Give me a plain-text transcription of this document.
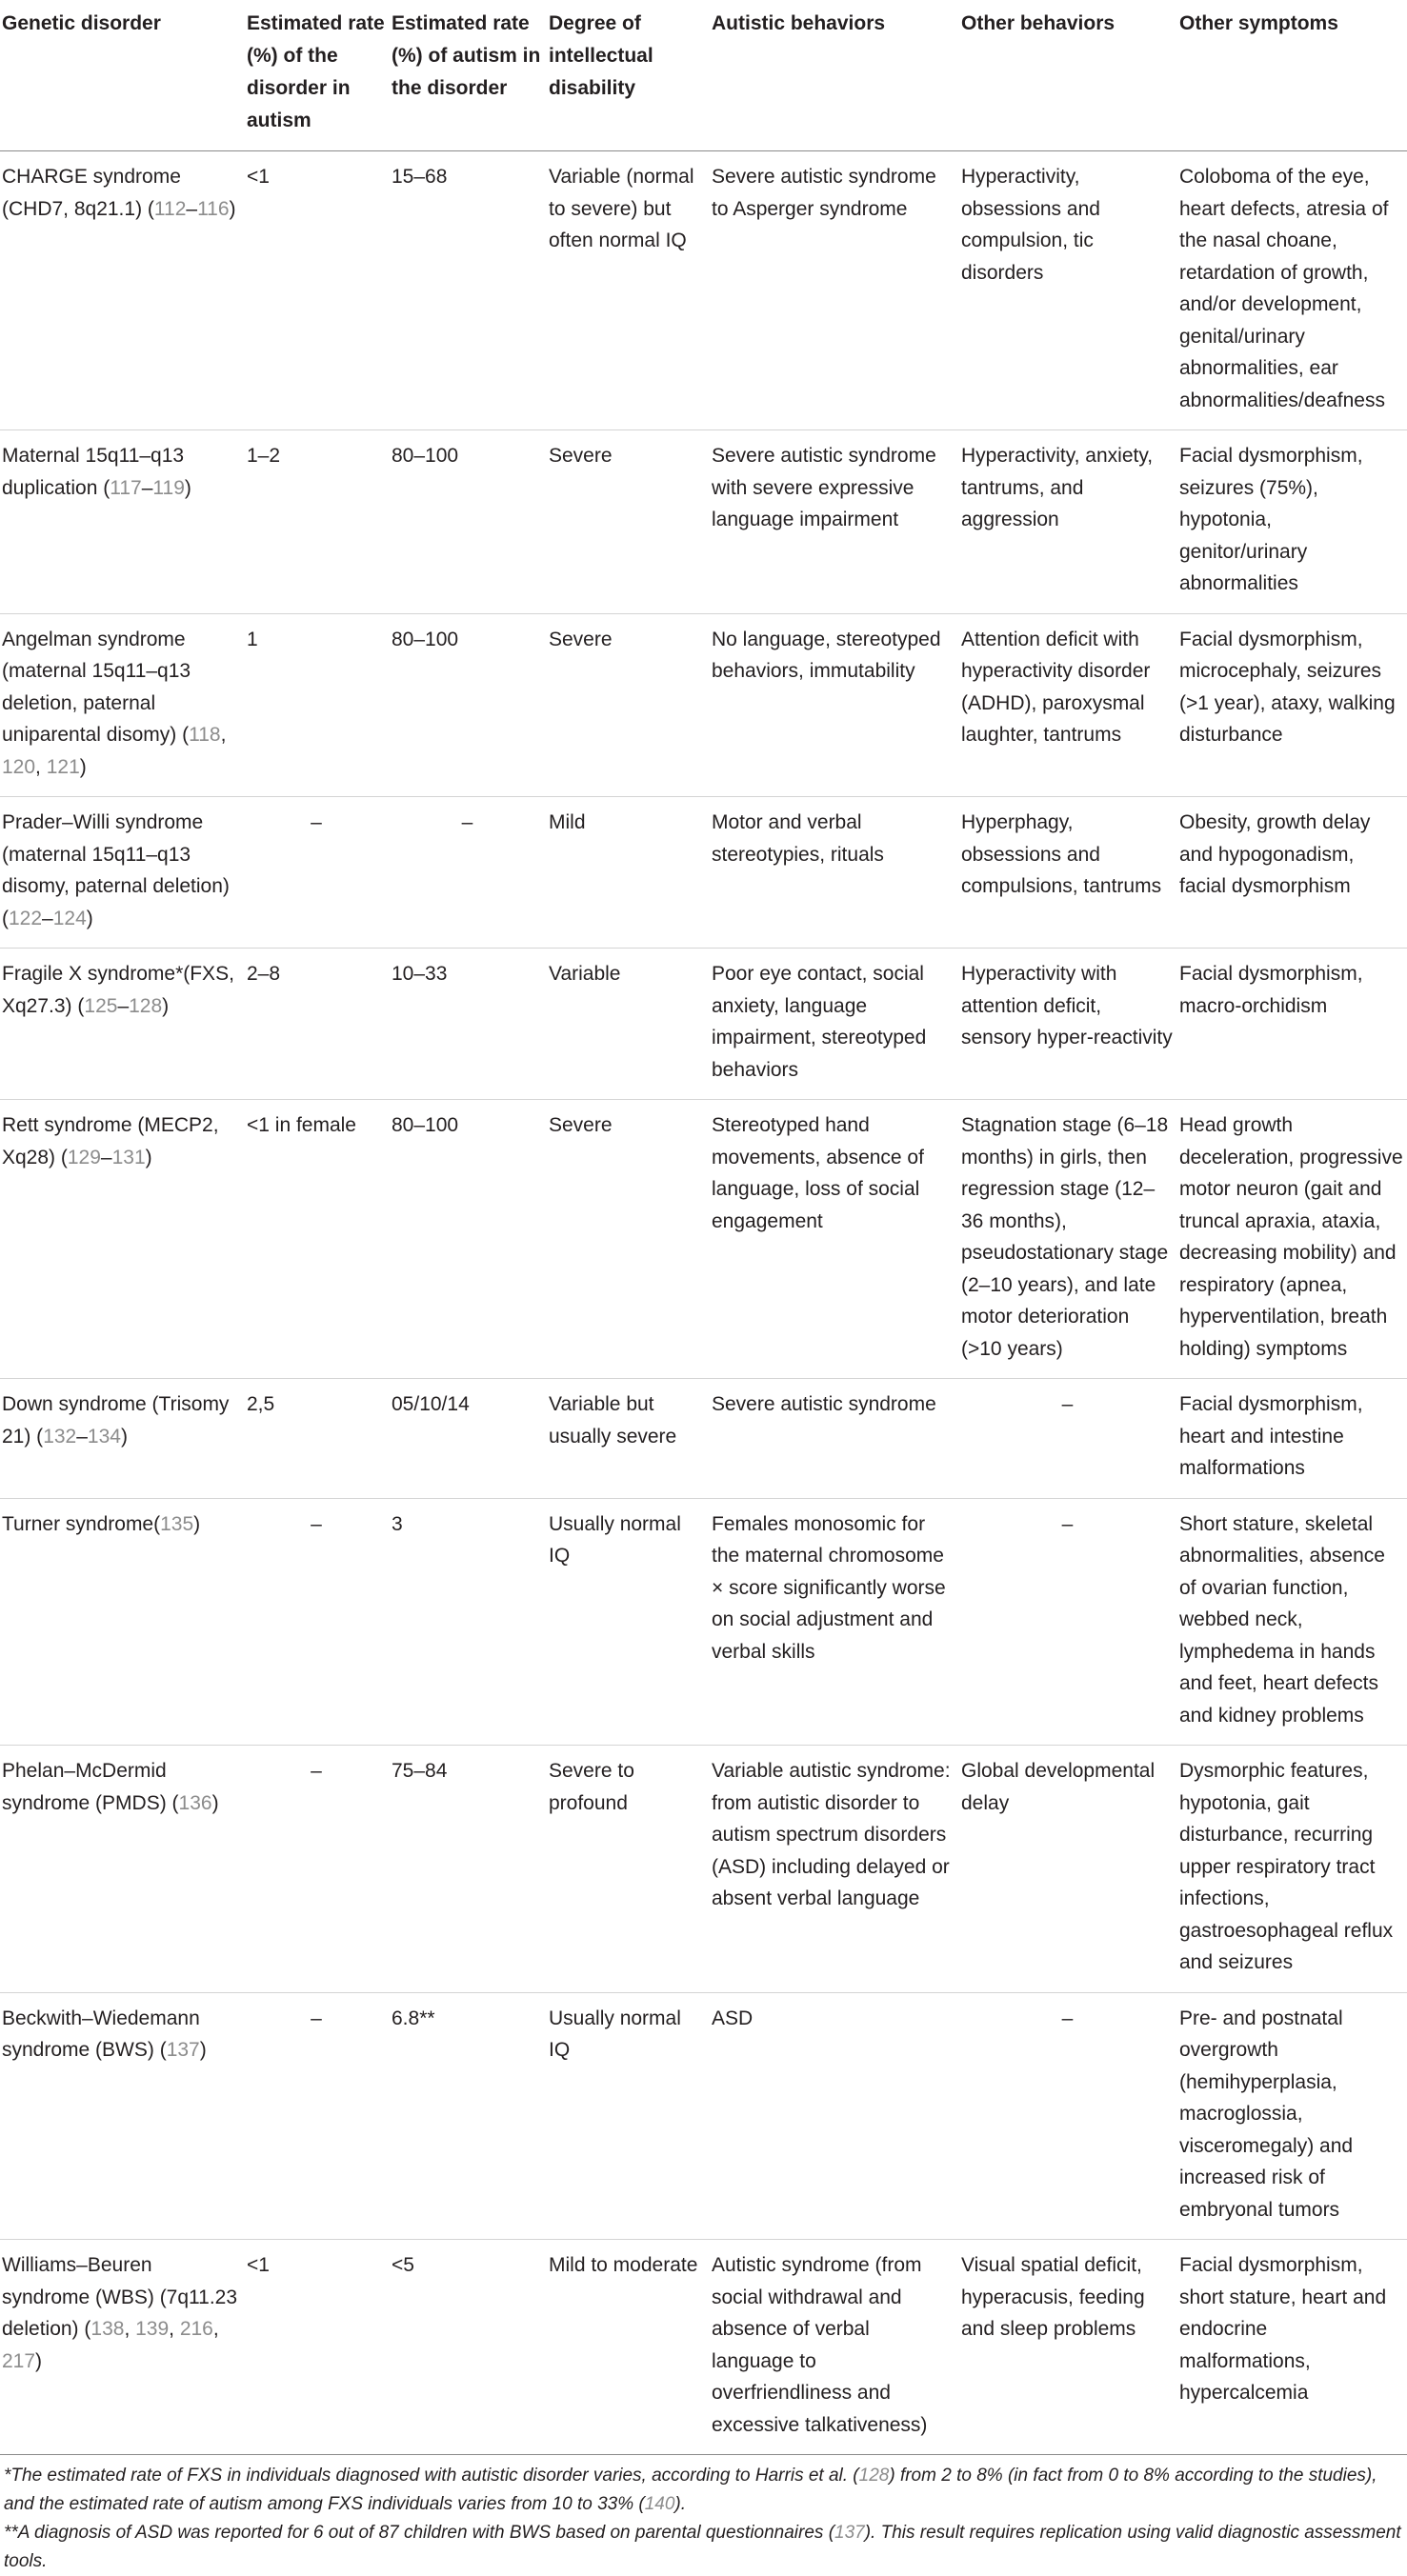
Genetic disorder	Estimated rate (%) of the disorder in autism	Estimated rate (%) of autism in the disorder	Degree of intellectual disability	Autistic behaviors	Other behaviors	Other symptoms
CHARGE syndrome (CHD7, 8q21.1) (112–116)	<1	15–68	Variable (normal to severe) but often normal IQ	Severe autistic syndrome to Asperger syndrome	Hyperactivity, obsessions and compulsion, tic disorders	Coloboma of the eye, heart defects, atresia of the nasal choane, retardation of growth, and/or development, genital/urinary abnormalities, ear abnormalities/deafness
Maternal 15q11–q13 duplication (117–119)	1–2	80–100	Severe	Severe autistic syndrome with severe expressive language impairment	Hyperactivity, anxiety, tantrums, and aggression	Facial dysmorphism, seizures (75%), hypotonia, genitor/urinary abnormalities
Angelman syndrome (maternal 15q11–q13 deletion, paternal uniparental disomy) (118, 120, 121)	1	80–100	Severe	No language, stereotyped behaviors, immutability	Attention deficit with hyperactivity disorder (ADHD), paroxysmal laughter, tantrums	Facial dysmorphism, microcephaly, seizures (>1 year), ataxy, walking disturbance
Prader–Willi syndrome (maternal 15q11–q13 disomy, paternal deletion) (122–124)	–	–	Mild	Motor and verbal stereotypies, rituals	Hyperphagy, obsessions and compulsions, tantrums	Obesity, growth delay and hypogonadism, facial dysmorphism
Fragile X syndrome*(FXS, Xq27.3) (125–128)	2–8	10–33	Variable	Poor eye contact, social anxiety, language impairment, stereotyped behaviors	Hyperactivity with attention deficit, sensory hyper-reactivity	Facial dysmorphism, macro-orchidism
Rett syndrome (MECP2, Xq28) (129–131)	<1 in female	80–100	Severe	Stereotyped hand movements, absence of language, loss of social engagement	Stagnation stage (6–18 months) in girls, then regression stage (12–36 months), pseudostationary stage (2–10 years), and late motor deterioration (>10 years)	Head growth deceleration, progressive motor neuron (gait and truncal apraxia, ataxia, decreasing mobility) and respiratory (apnea, hyperventilation, breath holding) symptoms
Down syndrome (Trisomy 21) (132–134)	2,5	05/10/14	Variable but usually severe	Severe autistic syndrome	–	Facial dysmorphism, heart and intestine malformations
Turner syndrome(135)	–	3	Usually normal IQ	Females monosomic for the maternal chromosome × score significantly worse on social adjustment and verbal skills	–	Short stature, skeletal abnormalities, absence of ovarian function, webbed neck, lymphedema in hands and feet, heart defects and kidney problems
Phelan–McDermid syndrome (PMDS) (136)	–	75–84	Severe to profound	Variable autistic syndrome: from autistic disorder to autism spectrum disorders (ASD) including delayed or absent verbal language	Global developmental delay	Dysmorphic features, hypotonia, gait disturbance, recurring upper respiratory tract infections, gastroesophageal reflux and seizures
Beckwith–Wiedemann syndrome (BWS) (137)	–	6.8**	Usually normal IQ	ASD	–	Pre- and postnatal overgrowth (hemihyperplasia, macroglossia, visceromegaly) and increased risk of embryonal tumors
Williams–Beuren syndrome (WBS) (7q11.23 deletion) (138, 139, 216, 217)	<1	<5	Mild to moderate	Autistic syndrome (from social withdrawal and absence of verbal language to overfriendliness and excessive talkativeness)	Visual spatial deficit, hyperacusis, feeding and sleep problems	Facial dysmorphism, short stature, heart and endocrine malformations, hypercalcemia

*The estimated rate of FXS in individuals diagnosed with autistic disorder varies, according to Harris et al. (128) from 2 to 8% (in fact from 0 to 8% according to the studies), and the estimated rate of autism among FXS individuals varies from 10 to 33% (140).

**A diagnosis of ASD was reported for 6 out of 87 children with BWS based on parental questionnaires (137). This result requires replication using valid diagnostic assessment tools.
